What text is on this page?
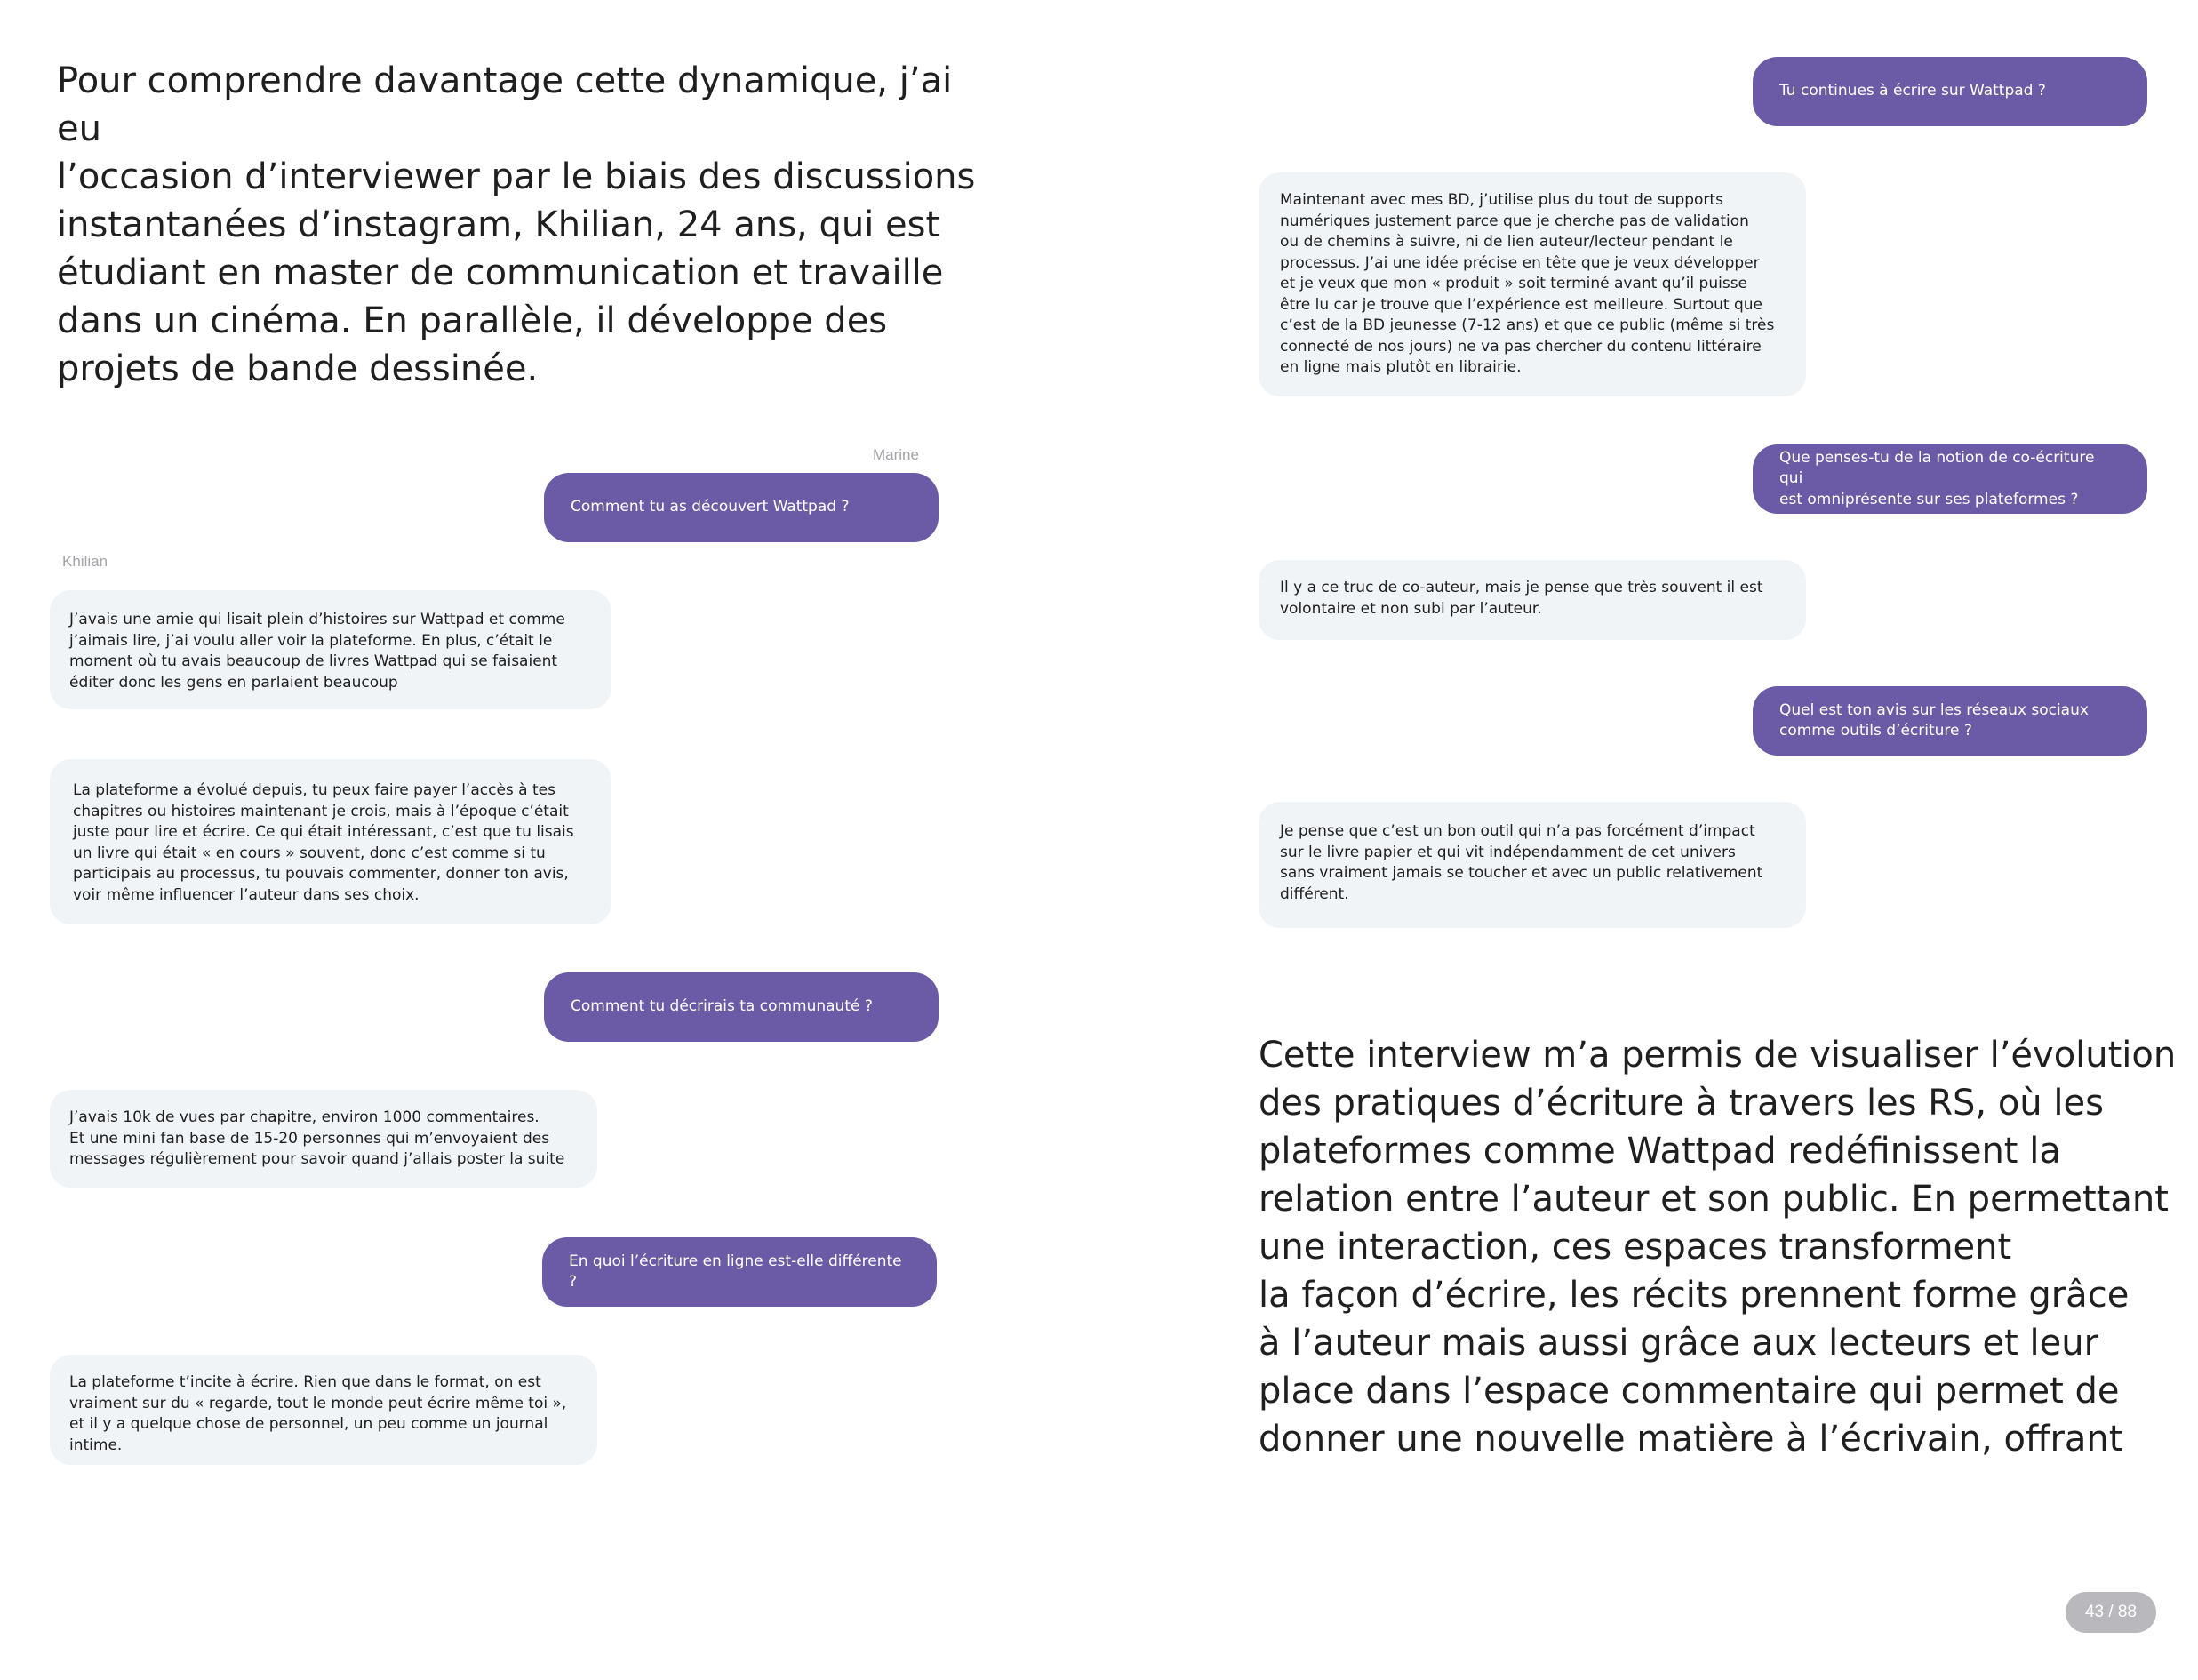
Pour comprendre davantage cette dynamique, j’ai eu
l’occasion d’interviewer par le biais des discussions
instantanées d’instagram, Khilian, 24 ans, qui est
étudiant en master de communication et travaille
dans un cinéma. En parallèle, il développe des
projets de bande dessinée.

Marine
Comment tu as découvert Wattpad ?
Khilian
J’avais une amie qui lisait plein d’histoires sur Wattpad et comme
j’aimais lire, j’ai voulu aller voir la plateforme. En plus, c’était le
moment où tu avais beaucoup de livres Wattpad qui se faisaient
éditer donc les gens en parlaient beaucoup
La plateforme a évolué depuis, tu peux faire payer l’accès à tes
chapitres ou histoires maintenant je crois, mais à l’époque c’était
juste pour lire et écrire. Ce qui était intéressant, c’est que tu lisais
un livre qui était « en cours » souvent, donc c’est comme si tu
participais au processus, tu pouvais commenter, donner ton avis,
voir même influencer l’auteur dans ses choix.
Comment tu décrirais ta communauté ?
J’avais 10k de vues par chapitre, environ 1000 commentaires.
Et une mini fan base de 15-20 personnes qui m’envoyaient des
messages régulièrement pour savoir quand j’allais poster la suite
En quoi l’écriture en ligne est-elle différente ?
La plateforme t’incite à écrire. Rien que dans le format, on est
vraiment sur du « regarde, tout le monde peut écrire même toi »,
et il y a quelque chose de personnel, un peu comme un journal
intime.
Tu continues à écrire sur Wattpad ?
Maintenant avec mes BD, j’utilise plus du tout de supports
numériques justement parce que je cherche pas de validation
ou de chemins à suivre, ni de lien auteur/lecteur pendant le
processus. J’ai une idée précise en tête que je veux développer
et je veux que mon « produit » soit terminé avant qu’il puisse
être lu car je trouve que l’expérience est meilleure. Surtout que
c’est de la BD jeunesse (7-12 ans) et que ce public (même si très
connecté de nos jours) ne va pas chercher du contenu littéraire
en ligne mais plutôt en librairie.
Que penses-tu de la notion de co-écriture qui
est omniprésente sur ses plateformes ?
Il y a ce truc de co-auteur, mais je pense que très souvent il est
volontaire et non subi par l’auteur.
Quel est ton avis sur les réseaux sociaux
comme outils d’écriture ?
Je pense que c’est un bon outil qui n’a pas forcément d’impact
sur le livre papier et qui vit indépendamment de cet univers
sans vraiment jamais se toucher et avec un public relativement
différent.

Cette interview m’a permis de visualiser l’évolution
des pratiques d’écriture à travers les RS, où les
plateformes comme Wattpad redéfinissent la
relation entre l’auteur et son public. En permettant
une interaction, ces espaces transforment
la façon d’écrire, les récits prennent forme grâce
à l’auteur mais aussi grâce aux lecteurs et leur
place dans l’espace commentaire qui permet de
donner une nouvelle matière à l’écrivain, offrant

43 / 88
